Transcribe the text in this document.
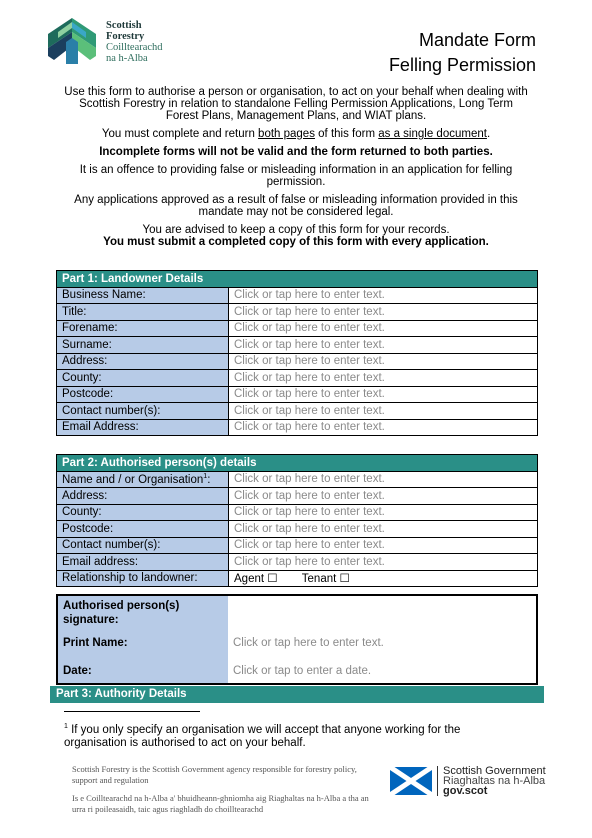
Scottish
Forestry
Coilltearachd
na h-Alba
Mandate Form
Felling Permission

Use this form to authorise a person or organisation, to act on your behalf when dealing with Scottish Forestry in relation to standalone Felling Permission Applications, Long Term Forest Plans, Management Plans, and WIAT plans.

You must complete and return both pages of this form as a single document.

Incomplete forms will not be valid and the form returned to both parties.

It is an offence to providing false or misleading information in an application for felling permission.

Any applications approved as a result of false or misleading information provided in this mandate may not be considered legal.

You are advised to keep a copy of this form for your records.

You must submit a completed copy of this form with every application.

Part 1: Landowner Details	
Business Name:	Click or tap here to enter text.
Title:	Click or tap here to enter text.
Forename:	Click or tap here to enter text.
Surname:	Click or tap here to enter text.
Address:	Click or tap here to enter text.
County:	Click or tap here to enter text.
Postcode:	Click or tap here to enter text.
Contact number(s):	Click or tap here to enter text.
Email Address:	Click or tap here to enter text.
Part 2: Authorised person(s) details	
Name and / or Organisation$^1$:	Click or tap here to enter text.
Address:	Click or tap here to enter text.
County:	Click or tap here to enter text.
Postcode:	Click or tap here to enter text.
Contact number(s):	Click or tap here to enter text.
Email address:	Click or tap here to enter text.
Relationship to landowner:	Agent ☐ Tenant ☐
Authorised person(s)
signature:
Print Name:	Click or tap here to enter text.
Date:	Click or tap to enter a date.
Part 3: Authority Details
$^1$ If you only specify an organisation we will accept that anyone working for the organisation is authorised to act on your behalf.

Scottish Forestry is the Scottish Government agency responsible for forestry policy, support and regulation

Is e Coilltearachd na h-Alba a' bhuidheann-ghnìomha aig Riaghaltas na h-Alba a tha an urra ri poileasaidh, taic agus riaghladh do choilltearachd

Scottish Government
Riaghaltas na h-Alba
gov.scot
